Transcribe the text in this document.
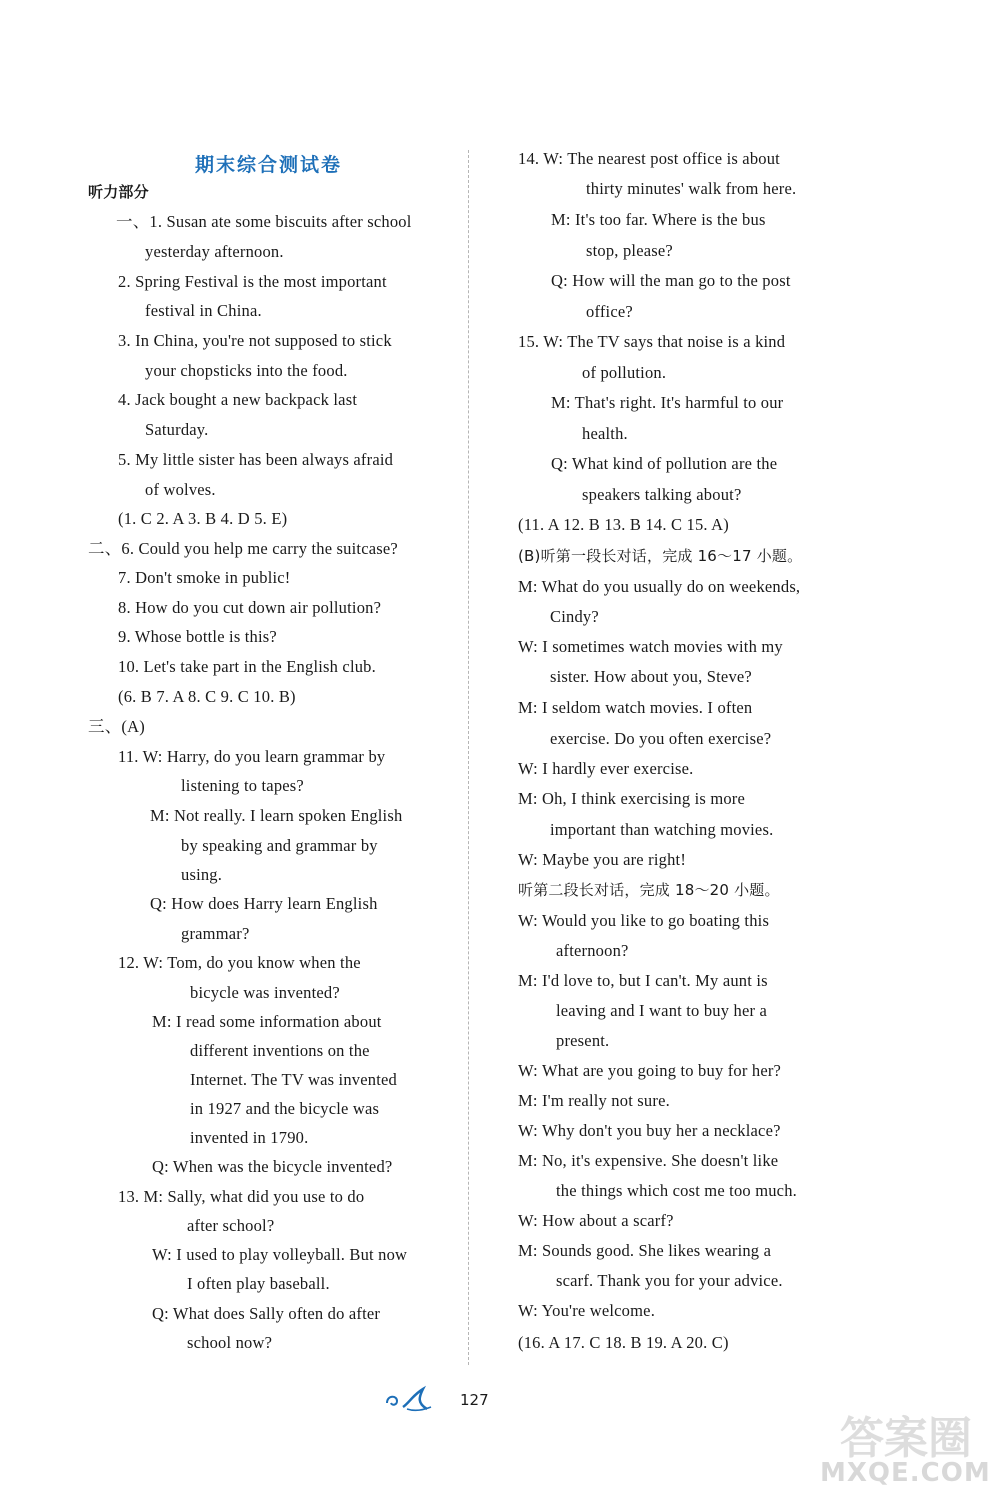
期末综合测试卷
听力部分
一、1. Susan ate some biscuits after school
yesterday afternoon.
2. Spring Festival is the most important
festival in China.
3. In China, you're not supposed to stick
your chopsticks into the food.
4. Jack bought a new backpack last
Saturday.
5. My little sister has been always afraid
of wolves.
(1. C 2. A 3. B 4. D 5. E)
二、6. Could you help me carry the suitcase?
7. Don't smoke in public!
8. How do you cut down air pollution?
9. Whose bottle is this?
10. Let's take part in the English club.
(6. B 7. A 8. C 9. C 10. B)
三、(A)
11. W: Harry, do you learn grammar by
listening to tapes?
M: Not really. I learn spoken English
by speaking and grammar by
using.
Q: How does Harry learn English
grammar?
12. W: Tom, do you know when the
bicycle was invented?
M: I read some information about
different inventions on the
Internet. The TV was invented
in 1927 and the bicycle was
invented in 1790.
Q: When was the bicycle invented?
13. M: Sally, what did you use to do
after school?
W: I used to play volleyball. But now
I often play baseball.
Q: What does Sally often do after
school now?
14. W: The nearest post office is about
thirty minutes' walk from here.
M: It's too far. Where is the bus
stop, please?
Q: How will the man go to the post
office?
15. W: The TV says that noise is a kind
of pollution.
M: That's right. It's harmful to our
health.
Q: What kind of pollution are the
speakers talking about?
(11. A 12. B 13. B 14. C 15. A)
(B)听第一段长对话，完成 16～17 小题。
M: What do you usually do on weekends,
Cindy?
W: I sometimes watch movies with my
sister. How about you, Steve?
M: I seldom watch movies. I often
exercise. Do you often exercise?
W: I hardly ever exercise.
M: Oh, I think exercising is more
important than watching movies.
W: Maybe you are right!
听第二段长对话，完成 18～20 小题。
W: Would you like to go boating this
afternoon?
M: I'd love to, but I can't. My aunt is
leaving and I want to buy her a
present.
W: What are you going to buy for her?
M: I'm really not sure.
W: Why don't you buy her a necklace?
M: No, it's expensive. She doesn't like
the things which cost me too much.
W: How about a scarf?
M: Sounds good. She likes wearing a
scarf. Thank you for your advice.
W: You're welcome.
(16. A 17. C 18. B 19. A 20. C)
127
答案圈
MXQE.COM
